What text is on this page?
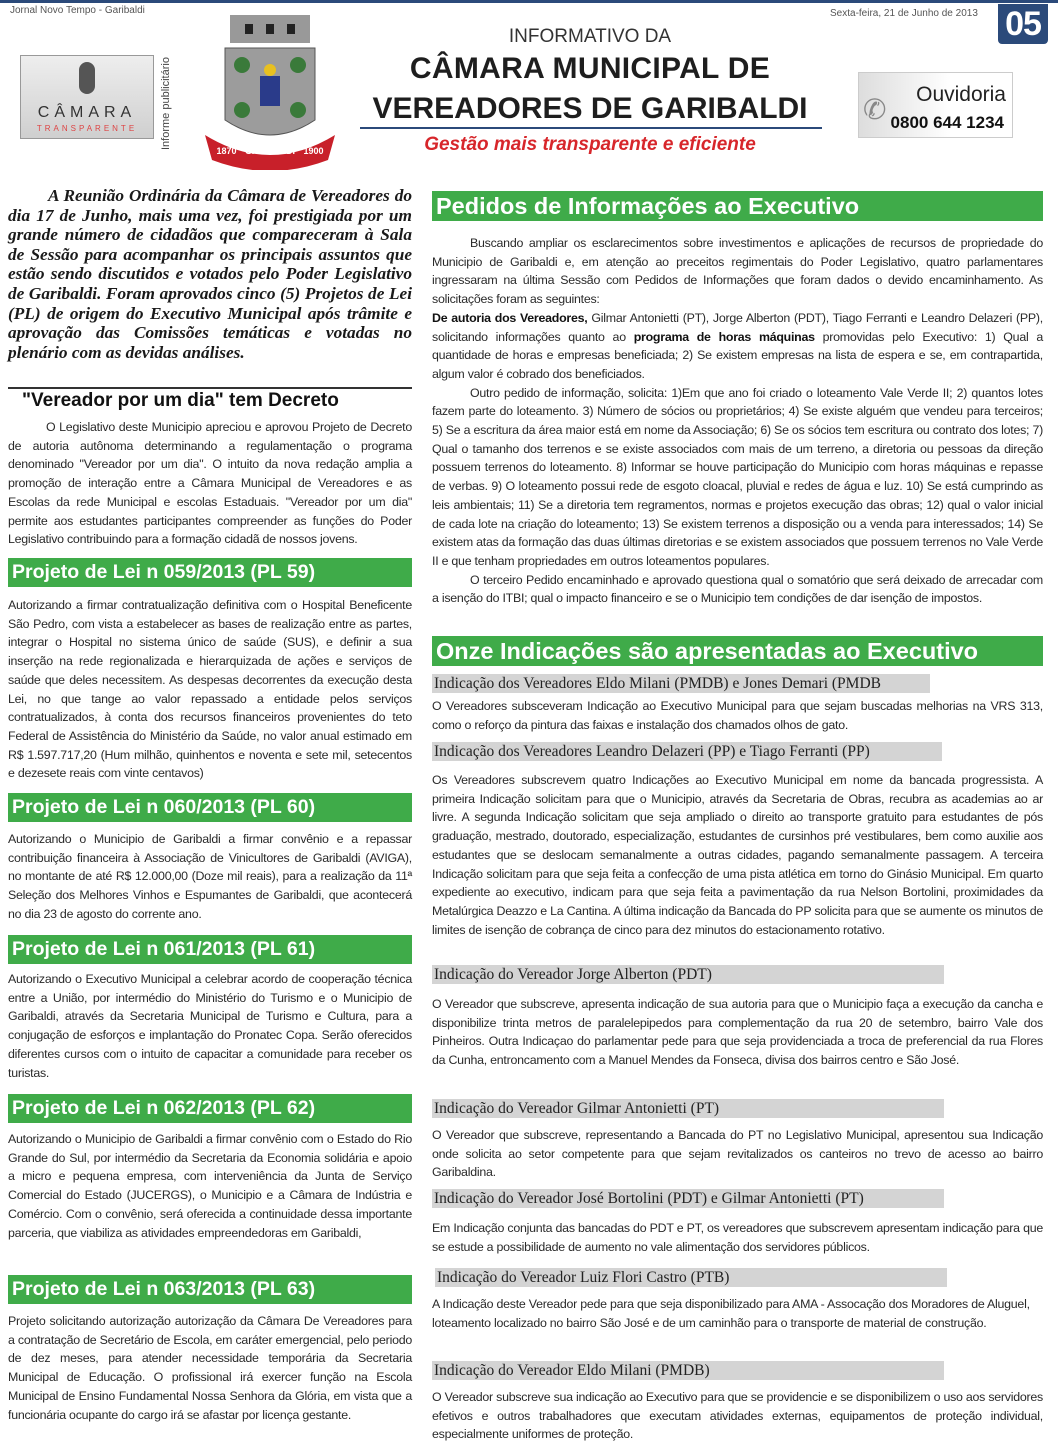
Jornal Novo Tempo - Garibaldi	Sexta-feira, 21 de Junho de 2013 05
CÂMARA
TRANSPARENTE	Informe publicitário
1870 GARIBALDI 1900
INFORMATIVO DA
CÂMARA MUNICIPAL DE
VEREADORES DE GARIBALDI
Gestão mais transparente e eficiente
✆ Ouvidoria
0800 644 1234
A Reunião Ordinária da Câmara de Vereadores do dia 17 de Junho, mais uma vez, foi prestigiada por um grande número de cidadãos que compareceram à Sala de Sessão para acompanhar os principais assuntos que estão sendo discutidos e votados pelo Poder Legislativo de Garibaldi. Foram aprovados cinco (5) Projetos de Lei (PL) de origem do Executivo Municipal após trâmite e aprovação das Comissões temáticas e votadas no plenário com as devidas análises.
"Vereador por um dia" tem Decreto
O Legislativo deste Municipio apreciou e aprovou Projeto de Decreto de autoria autônoma determinando a regulamentação o programa denominado "Vereador por um dia". O intuito da nova redação amplia a promoção de interação entre a Câmara Municipal de Vereadores e as Escolas da rede Municipal e escolas Estaduais. "Vereador por um dia" permite aos estudantes participantes compreender as funções do Poder Legislativo contribuindo para a formação cidadã de nossos jovens.
Projeto de Lei n 059/2013 (PL 59)
Autorizando a firmar contratualização definitiva com o Hospital Beneficente São Pedro, com vista a estabelecer as bases de realização entre as partes, integrar o Hospital no sistema único de saúde (SUS), e definir a sua inserção na rede regionalizada e hierarquizada de ações e serviços de saúde que deles necessitem. As despesas decorrentes da execução desta Lei, no que tange ao valor repassado a entidade pelos serviços contratualizados, à conta dos recursos financeiros provenientes do teto Federal de Assistência do Ministério da Saúde, no valor anual estimado em R$ 1.597.717,20 (Hum milhão, quinhentos e noventa e sete mil, setecentos e dezesete reais com vinte centavos)
Projeto de Lei n 060/2013 (PL 60)
Autorizando o Municipio de Garibaldi a firmar convênio e a repassar contribuição financeira à Associação de Vinicultores de Garibaldi (AVIGA), no montante de até R$ 12.000,00 (Doze mil reais), para a realização da 11ª Seleção dos Melhores Vinhos e Espumantes de Garibaldi, que acontecerá no dia 23 de agosto do corrente ano.
Projeto de Lei n 061/2013 (PL 61)
Autorizando o Executivo Municipal a celebrar acordo de cooperação técnica entre a União, por intermédio do Ministério do Turismo e o Municipio de Garibaldi, através da Secretaria Municipal de Turismo e Cultura, para a conjugação de esforços e implantação do Pronatec Copa. Serão oferecidos diferentes cursos com o intuito de capacitar a comunidade para receber os turistas.
Projeto de Lei n 062/2013 (PL 62)
Autorizando o Municipio de Garibaldi a firmar convênio com o Estado do Rio Grande do Sul, por intermédio da Secretaria da Economia solidária e apoio a micro e pequena empresa, com interveniência da Junta de Serviço Comercial do Estado (JUCERGS), o Municipio e a Câmara de Indústria e Comércio. Com o convênio, será oferecida a continuidade dessa importante parceria, que viabiliza as atividades empreendedoras em Garibaldi,
Projeto de Lei n 063/2013 (PL 63)
Projeto solicitando autorização autorização da Câmara De Vereadores para a contratação de Secretário de Escola, em caráter emergencial, pelo periodo de dez meses, para atender necessidade temporária da Secretaria Municipal de Educação. O profissional irá exercer função na Escola Municipal de Ensino Fundamental Nossa Senhora da Glória, em vista que a funcionária ocupante do cargo irá se afastar por licença gestante.
Pedidos de Informações ao Executivo
Buscando ampliar os esclarecimentos sobre investimentos e aplicações de recursos de propriedade do Municipio de Garibaldi e, em atenção ao preceitos regimentais do Poder Legislativo, quatro parlamentares ingressaram na última Sessão com Pedidos de Informações que foram dados o devido encaminhamento. As solicitações foram as seguintes:
De autoria dos Vereadores, Gilmar Antonietti (PT), Jorge Alberton (PDT), Tiago Ferranti e Leandro Delazeri (PP), solicitando informações quanto ao programa de horas máquinas promovidas pelo Executivo: 1) Qual a quantidade de horas e empresas beneficiada; 2) Se existem empresas na lista de espera e se, em contrapartida, algum valor é cobrado dos beneficiados.
Outro pedido de informação, solicita: 1)Em que ano foi criado o loteamento Vale Verde II; 2) quantos lotes fazem parte do loteamento. 3) Número de sócios ou proprietários; 4) Se existe alguém que vendeu para terceiros; 5) Se a escritura da área maior está em nome da Associação; 6) Se os sócios tem escritura ou contrato dos lotes; 7) Qual o tamanho dos terrenos e se existe associados com mais de um terreno, a diretoria ou pessoas da direção possuem terrenos do loteamento. 8) Informar se houve participação do Municipio com horas máquinas e repasse de verbas. 9) O loteamento possui rede de esgoto cloacal, pluvial e redes de água e luz. 10) Se está cumprindo as leis ambientais; 11) Se a diretoria tem regramentos, normas e projetos execução das obras; 12) qual o valor inicial de cada lote na criação do loteamento; 13) Se existem terrenos a disposição ou a venda para interessados; 14) Se existem atas da formação das duas últimas diretorias e se existem associados que possuem terrenos no Vale Verde II e que tenham propriedades em outros loteamentos populares.
O terceiro Pedido encaminhado e aprovado questiona qual o somatório que será deixado de arrecadar com a isenção do ITBI; qual o impacto financeiro e se o Municipio tem condições de dar isenção de impostos.
Onze Indicações são apresentadas ao Executivo
Indicação dos Vereadores Eldo Milani (PMDB) e Jones Demari (PMDB
O Vereadores subsceveram Indicação ao Executivo Municipal para que sejam buscadas melhorias na VRS 313, como o reforço da pintura das faixas e instalação dos chamados olhos de gato.
Indicação dos Vereadores Leandro Delazeri (PP) e Tiago Ferranti (PP)
Os Vereadores subscrevem quatro Indicações ao Executivo Municipal em nome da bancada progressista. A primeira Indicação solicitam para que o Municipio, através da Secretaria de Obras, recubra as academias ao ar livre. A segunda Indicação solicitam que seja ampliado o direito ao transporte gratuito para estudantes de pós graduação, mestrado, doutorado, especialização, estudantes de cursinhos pré vestibulares, bem como auxilie aos estudantes que se deslocam semanalmente a outras cidades, pagando semanalmente passagem. A terceira Indicação solicitam para que seja feita a confecção de uma pista atlética em torno do Ginásio Municipal. Em quarto expediente ao executivo, indicam para que seja feita a pavimentação da rua Nelson Bortolini, proximidades da Metalúrgica Deazzo e La Cantina. A última indicação da Bancada do PP solicita para que se aumente os minutos de limites de isenção de cobrança de cinco para dez minutos do estacionamento rotativo.
Indicação do Vereador Jorge Alberton (PDT)
O Vereador que subscreve, apresenta indicação de sua autoria para que o Municipio faça a execução da cancha e disponibilize trinta metros de paralelepipedos para complementação da rua 20 de setembro, bairro Vale dos Pinheiros. Outra Indicaçao do parlamentar pede para que seja providenciada a troca de preferencial da rua Flores da Cunha, entroncamento com a Manuel Mendes da Fonseca, divisa dos bairros centro e São José.
Indicação do Vereador Gilmar Antonietti (PT)
O Vereador que subscreve, representando a Bancada do PT no Legislativo Municipal, apresentou sua Indicação onde solicita ao setor competente para que sejam revitalizados os canteiros no trevo de acesso ao bairro Garibaldina.
Indicação do Vereador José Bortolini (PDT) e Gilmar Antonietti (PT)
Em Indicação conjunta das bancadas do PDT e PT, os vereadores que subscrevem apresentam indicação para que se estude a possibilidade de aumento no vale alimentação dos servidores públicos.
Indicação do Vereador Luiz Flori Castro (PTB)
A Indicação deste Vereador pede para que seja disponibilizado para AMA - Assocação dos Moradores de Aluguel, loteamento localizado no bairro São José e de um caminhão para o transporte de material de construção.
Indicação do Vereador Eldo Milani (PMDB)
O Vereador subscreve sua indicação ao Executivo para que se providencie e se disponibilizem o uso aos servidores efetivos e outros trabalhadores que executam atividades externas, equipamentos de proteção individual, especialmente uniformes de proteção.
